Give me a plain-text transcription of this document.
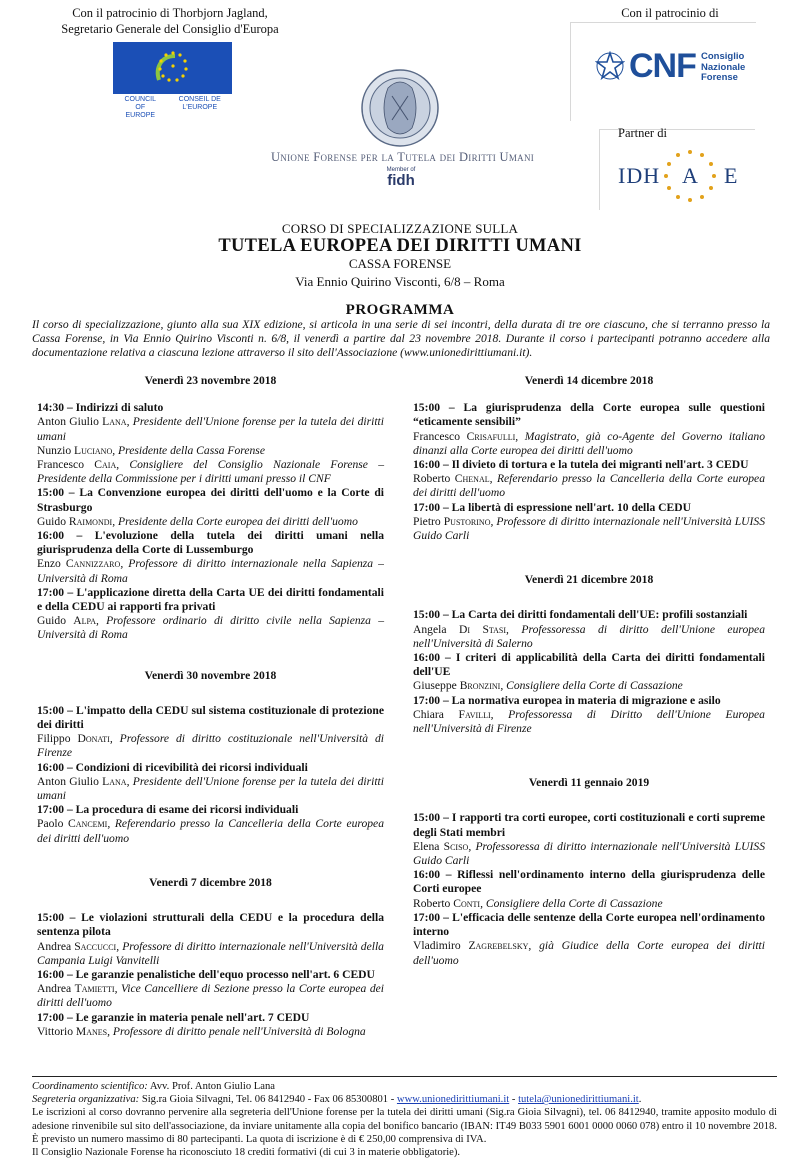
Con il patrocinio di Thorbjorn Jagland,
Segretario Generale del Consiglio d'Europa
COUNCIL OF EUROPE
CONSEIL DE L'EUROPE
Unione Forense per la Tutela dei Diritti Umani
Member of
fidh
Con il patrocinio di
CNF Consiglio
Nazionale
Forense
Partner di
IDH A E
CORSO DI SPECIALIZZAZIONE SULLA
TUTELA EUROPEA DEI DIRITTI UMANI
CASSA FORENSE
Via Ennio Quirino Visconti, 6/8 – Roma
PROGRAMMA
Il corso di specializzazione, giunto alla sua XIX edizione, si articola in una serie di sei incontri, della durata di tre ore ciascuno, che si terranno presso la Cassa Forense, in Via Ennio Quirino Visconti n. 6/8, il venerdì a partire dal 23 novembre 2018. Durante il corso i partecipanti potranno accedere alla documentazione relativa a ciascuna lezione attraverso il sito dell'Associazione (www.unionedirittiumani.it).
Venerdì 23 novembre 2018
14:30 – Indirizzi di saluto
Anton Giulio Lana, Presidente dell'Unione forense per la tutela dei diritti umani
Nunzio Luciano, Presidente della Cassa Forense
Francesco Caia, Consigliere del Consiglio Nazionale Forense – Presidente della Commissione per i diritti umani presso il CNF
15:00 – La Convenzione europea dei diritti dell'uomo e la Corte di Strasburgo
Guido Raimondi, Presidente della Corte europea dei diritti dell'uomo
16:00 – L'evoluzione della tutela dei diritti umani nella giurisprudenza della Corte di Lussemburgo
Enzo Cannizzaro, Professore di diritto internazionale nella Sapienza – Università di Roma
17:00 – L'applicazione diretta della Carta UE dei diritti fondamentali e della CEDU ai rapporti fra privati
Guido Alpa, Professore ordinario di diritto civile nella Sapienza – Università di Roma
Venerdì 30 novembre 2018
15:00 – L'impatto della CEDU sul sistema costituzionale di protezione dei diritti
Filippo Donati, Professore di diritto costituzionale nell'Università di Firenze
16:00 – Condizioni di ricevibilità dei ricorsi individuali
Anton Giulio Lana, Presidente dell'Unione forense per la tutela dei diritti umani
17:00 – La procedura di esame dei ricorsi individuali
Paolo Cancemi, Referendario presso la Cancelleria della Corte europea dei diritti dell'uomo
Venerdì 7 dicembre 2018
15:00 – Le violazioni strutturali della CEDU e la procedura della sentenza pilota
Andrea Saccucci, Professore di diritto internazionale nell'Università della Campania Luigi Vanvitelli
16:00 – Le garanzie penalistiche dell'equo processo nell'art. 6 CEDU
Andrea Tamietti, Vice Cancelliere di Sezione presso la Corte europea dei diritti dell'uomo
17:00 – Le garanzie in materia penale nell'art. 7 CEDU
Vittorio Manes, Professore di diritto penale nell'Università di Bologna
Venerdì 14 dicembre 2018
15:00 – La giurisprudenza della Corte europea sulle questioni “eticamente sensibili”
Francesco Crisafulli, Magistrato, già co-Agente del Governo italiano dinanzi alla Corte europea dei diritti dell'uomo
16:00 – Il divieto di tortura e la tutela dei migranti nell'art. 3 CEDU
Roberto Chenal, Referendario presso la Cancelleria della Corte europea dei diritti dell'uomo
17:00 – La libertà di espressione nell'art. 10 della CEDU
Pietro Pustorino, Professore di diritto internazionale nell'Università LUISS Guido Carli
Venerdì 21 dicembre 2018
15:00 – La Carta dei diritti fondamentali dell'UE: profili sostanziali
Angela Di Stasi, Professoressa di diritto dell'Unione europea nell'Università di Salerno
16:00 – I criteri di applicabilità della Carta dei diritti fondamentali dell'UE
Giuseppe Bronzini, Consigliere della Corte di Cassazione
17:00 – La normativa europea in materia di migrazione e asilo
Chiara Favilli, Professoressa di Diritto dell'Unione Europea nell'Università di Firenze
Venerdì 11 gennaio 2019
15:00 – I rapporti tra corti europee, corti costituzionali e corti supreme degli Stati membri
Elena Sciso, Professoressa di diritto internazionale nell'Università LUISS Guido Carli
16:00 – Riflessi nell'ordinamento interno della giurisprudenza delle Corti europee
Roberto Conti, Consigliere della Corte di Cassazione
17:00 – L'efficacia delle sentenze della Corte europea nell'ordinamento interno
Vladimiro Zagrebelsky, già Giudice della Corte europea dei diritti dell'uomo
Coordinamento scientifico: Avv. Prof. Anton Giulio Lana
Segreteria organizzativa: Sig.ra Gioia Silvagni, Tel. 06 8412940 - Fax 06 85300801 - www.unionedirittiumani.it - tutela@unionedirittiumani.it.
Le iscrizioni al corso dovranno pervenire alla segreteria dell'Unione forense per la tutela dei diritti umani (Sig.ra Gioia Silvagni), tel. 06 8412940, tramite apposito modulo di adesione rinvenibile sul sito dell'associazione, da inviare unitamente alla copia del bonifico bancario (IBAN: IT49 B033 5901 6001 0000 0060 078) entro il 10 novembre 2018. È previsto un numero massimo di 80 partecipanti. La quota di iscrizione è di € 250,00 comprensiva di IVA.
Il Consiglio Nazionale Forense ha riconosciuto 18 crediti formativi (di cui 3 in materie obbligatorie).
